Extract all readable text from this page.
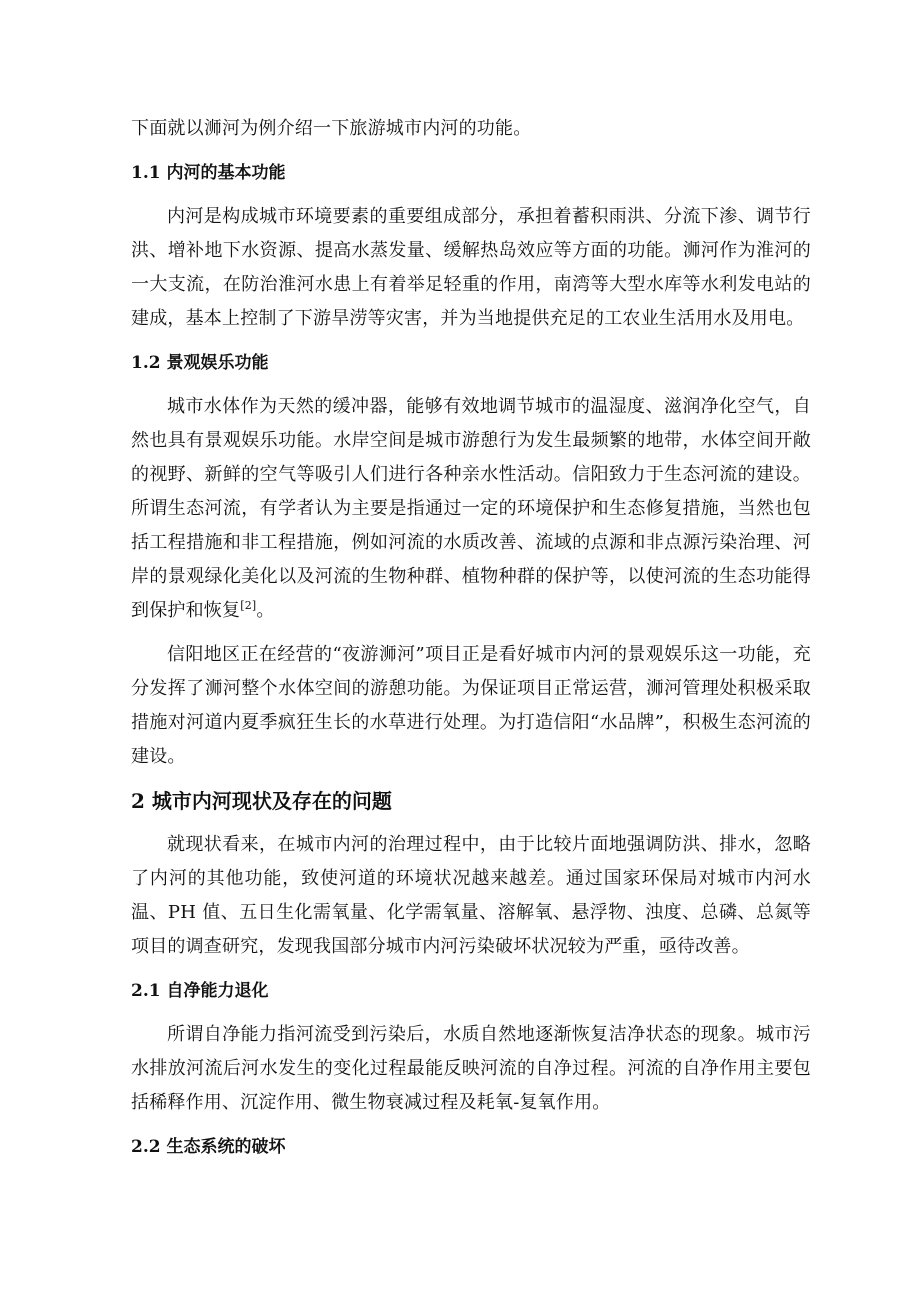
下面就以浉河为例介绍一下旅游城市内河的功能。

1.1 内河的基本功能

内河是构成城市环境要素的重要组成部分，承担着蓄积雨洪、分流下渗、调节行洪、增补地下水资源、提高水蒸发量、缓解热岛效应等方面的功能。浉河作为淮河的一大支流，在防治淮河水患上有着举足轻重的作用，南湾等大型水库等水利发电站的建成，基本上控制了下游旱涝等灾害，并为当地提供充足的工农业生活用水及用电。

1.2 景观娱乐功能

城市水体作为天然的缓冲器，能够有效地调节城市的温湿度、滋润净化空气，自然也具有景观娱乐功能。水岸空间是城市游憩行为发生最频繁的地带，水体空间开敞的视野、新鲜的空气等吸引人们进行各种亲水性活动。信阳致力于生态河流的建设。所谓生态河流，有学者认为主要是指通过一定的环境保护和生态修复措施，当然也包括工程措施和非工程措施，例如河流的水质改善、流域的点源和非点源污染治理、河岸的景观绿化美化以及河流的生物种群、植物种群的保护等，以使河流的生态功能得到保护和恢复[2]。

信阳地区正在经营的“夜游浉河”项目正是看好城市内河的景观娱乐这一功能，充分发挥了浉河整个水体空间的游憩功能。为保证项目正常运营，浉河管理处积极采取措施对河道内夏季疯狂生长的水草进行处理。为打造信阳“水品牌”，积极生态河流的建设。

2 城市内河现状及存在的问题

就现状看来，在城市内河的治理过程中，由于比较片面地强调防洪、排水，忽略了内河的其他功能，致使河道的环境状况越来越差。通过国家环保局对城市内河水温、PH 值、五日生化需氧量、化学需氧量、溶解氧、悬浮物、浊度、总磷、总氮等项目的调查研究，发现我国部分城市内河污染破坏状况较为严重，亟待改善。

2.1 自净能力退化

所谓自净能力指河流受到污染后，水质自然地逐渐恢复洁净状态的现象。城市污水排放河流后河水发生的变化过程最能反映河流的自净过程。河流的自净作用主要包括稀释作用、沉淀作用、微生物衰减过程及耗氧-复氧作用。

2.2 生态系统的破坏
